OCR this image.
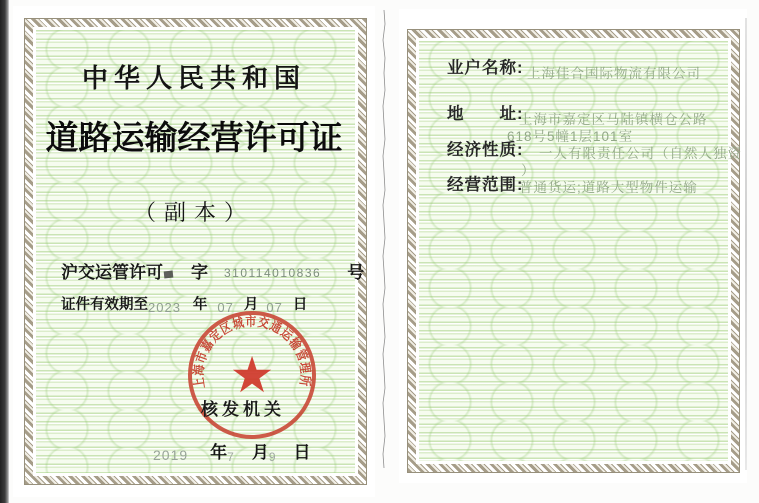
中华人民共和国
道路运输经营许可证
（副本）
沪交运管许可 字 310114010836 号
证件有效期至2023 年 07 月 07 日
上海市嘉定区城市交通运输管理所
★
核发机关
2019 年7 月9 日
业户名称: 上海佳合国际物流有限公司
地　　址:
上海市嘉定区马陆镇横仓公路
618号5幢1层101室
经济性质: 一人有限责任公司（自然人独资
）
经营范围:
普通货运;道路大型物件运输
